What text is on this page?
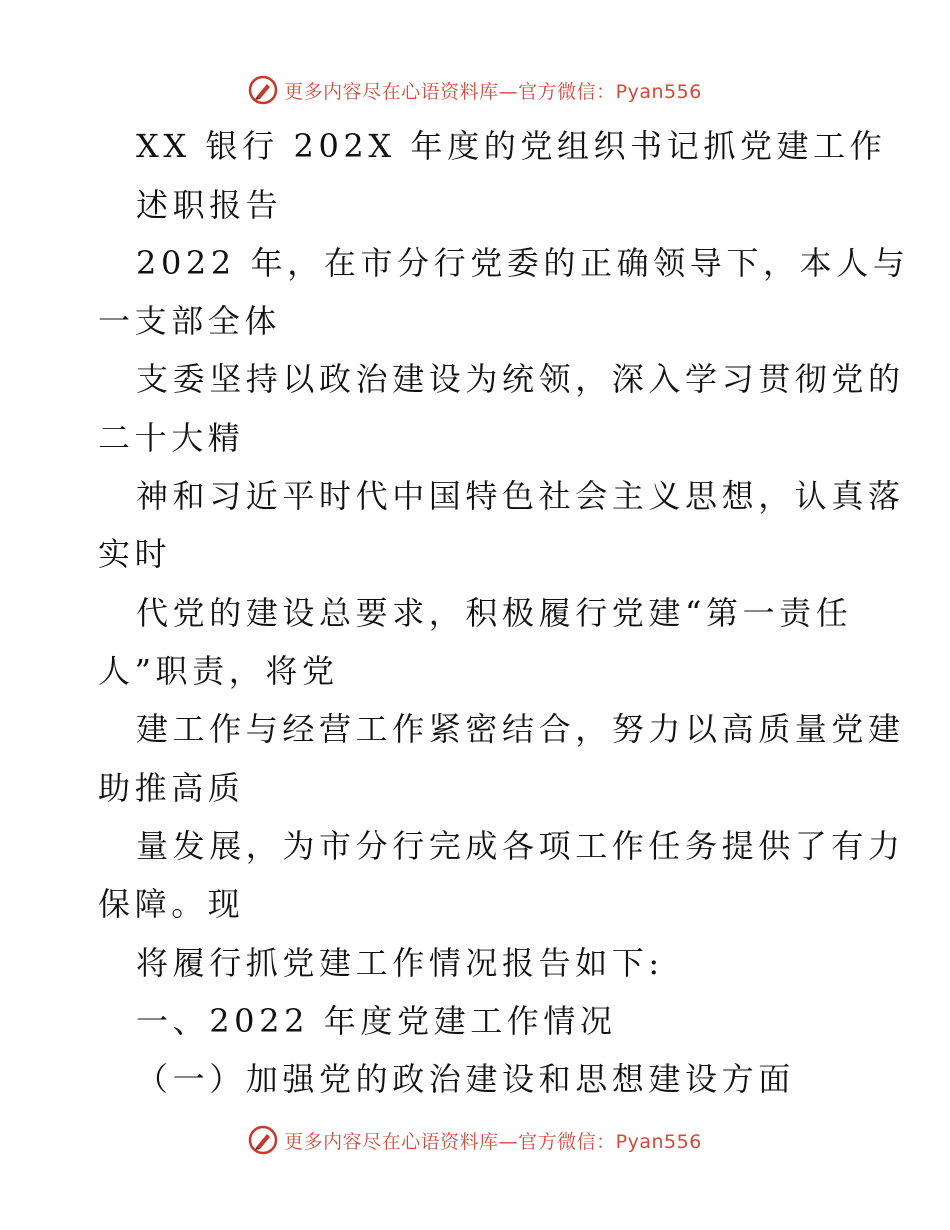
更多内容尽在心语资料库—官方微信：Pyan556
XX 银行 202X 年度的党组织书记抓党建工作
述职报告
2022 年，在市分行党委的正确领导下，本人与
一支部全体
支委坚持以政治建设为统领，深入学习贯彻党的
二十大精
神和习近平时代中国特色社会主义思想，认真落
实时
代党的建设总要求，积极履行党建“第一责任
人”职责，将党
建工作与经营工作紧密结合，努力以高质量党建
助推高质
量发展，为市分行完成各项工作任务提供了有力
保障。现
将履行抓党建工作情况报告如下:
一、2022 年度党建工作情况
（一）加强党的政治建设和思想建设方面
更多内容尽在心语资料库—官方微信：Pyan556
